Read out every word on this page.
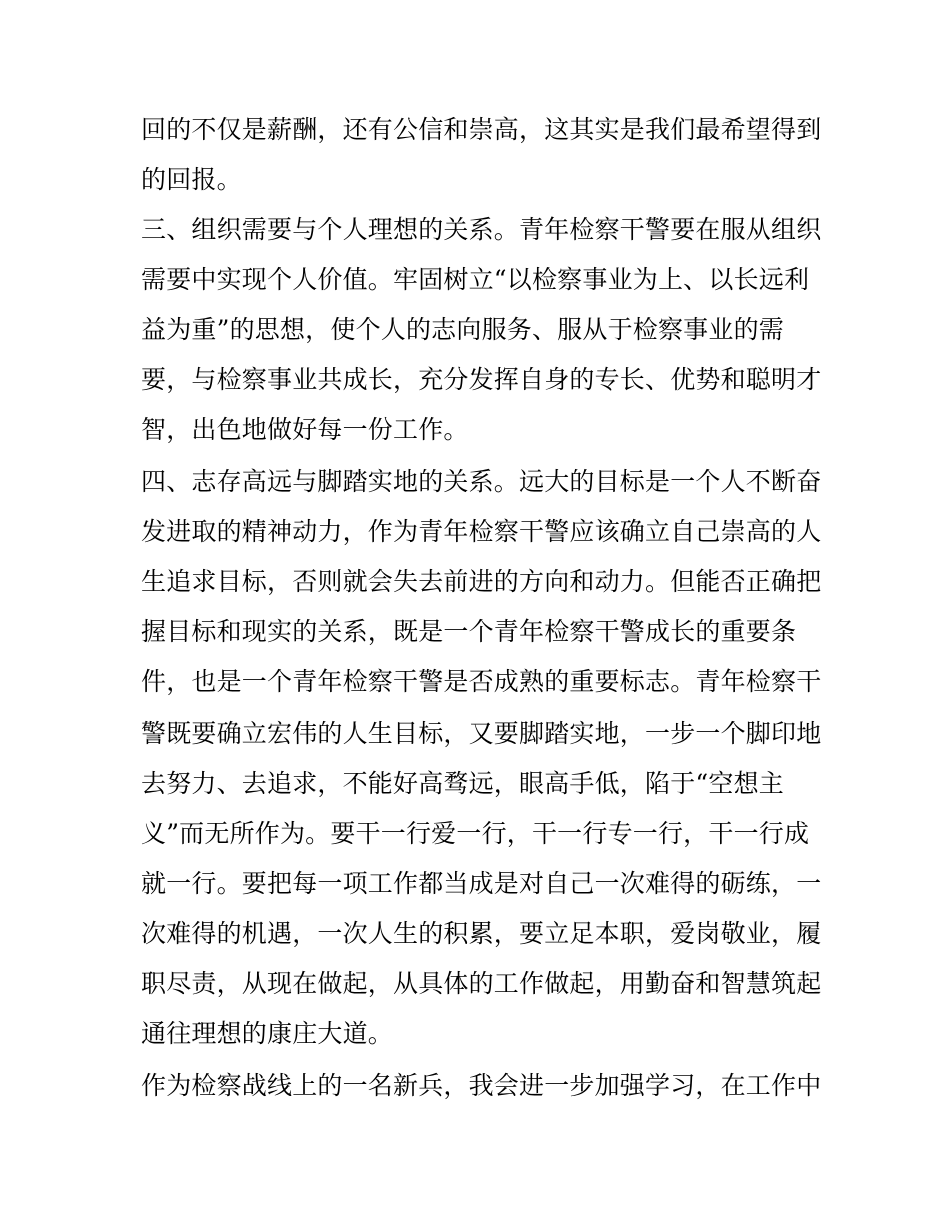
回的不仅是薪酬，还有公信和崇高，这其实是我们最希望得到
的回报。
三、组织需要与个人理想的关系。青年检察干警要在服从组织
需要中实现个人价值。牢固树立“以检察事业为上、以长远利
益为重”的思想，使个人的志向服务、服从于检察事业的需
要，与检察事业共成长，充分发挥自身的专长、优势和聪明才
智，出色地做好每一份工作。
四、志存高远与脚踏实地的关系。远大的目标是一个人不断奋
发进取的精神动力，作为青年检察干警应该确立自己崇高的人
生追求目标，否则就会失去前进的方向和动力。但能否正确把
握目标和现实的关系，既是一个青年检察干警成长的重要条
件，也是一个青年检察干警是否成熟的重要标志。青年检察干
警既要确立宏伟的人生目标，又要脚踏实地，一步一个脚印地
去努力、去追求，不能好高骛远，眼高手低，陷于“空想主
义”而无所作为。要干一行爱一行，干一行专一行，干一行成
就一行。要把每一项工作都当成是对自己一次难得的砺练，一
次难得的机遇，一次人生的积累，要立足本职，爱岗敬业，履
职尽责，从现在做起，从具体的工作做起，用勤奋和智慧筑起
通往理想的康庄大道。
作为检察战线上的一名新兵，我会进一步加强学习，在工作中
